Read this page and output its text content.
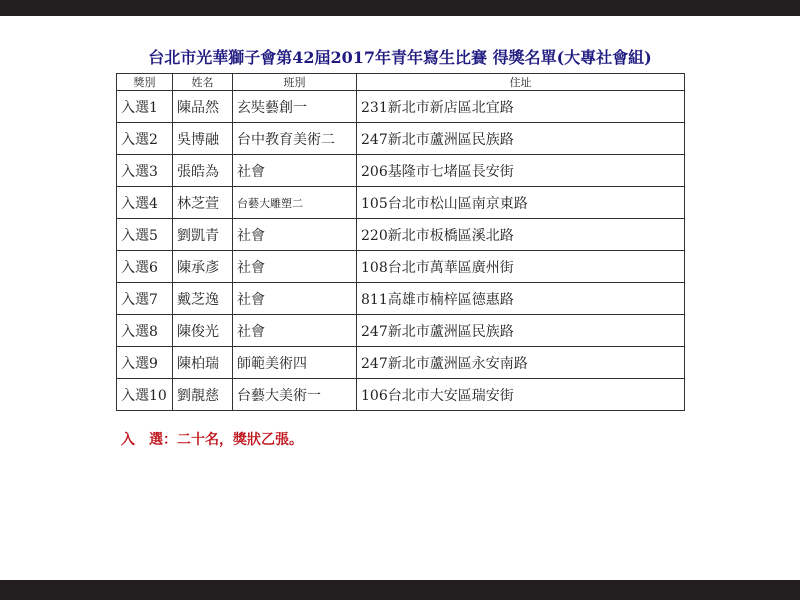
台北市光華獅子會第42屆2017年青年寫生比賽 得獎名單(大專社會組)
獎別	姓名	班別	住址
入選1	陳品然	玄奘藝創一	231新北市新店區北宜路
入選2	吳博融	台中教育美術二	247新北市蘆洲區民族路
入選3	張皓為	社會	206基隆市七堵區長安街
入選4	林芝萱	台藝大雕塑二	105台北市松山區南京東路
入選5	劉凱青	社會	220新北市板橋區溪北路
入選6	陳承彥	社會	108台北市萬華區廣州街
入選7	戴芝逸	社會	811高雄市楠梓區德惠路
入選8	陳俊光	社會	247新北市蘆洲區民族路
入選9	陳柏瑞	師範美術四	247新北市蘆洲區永安南路
入選10	劉靚慈	台藝大美術一	106台北市大安區瑞安街
入　選：二十名，獎狀乙張。
